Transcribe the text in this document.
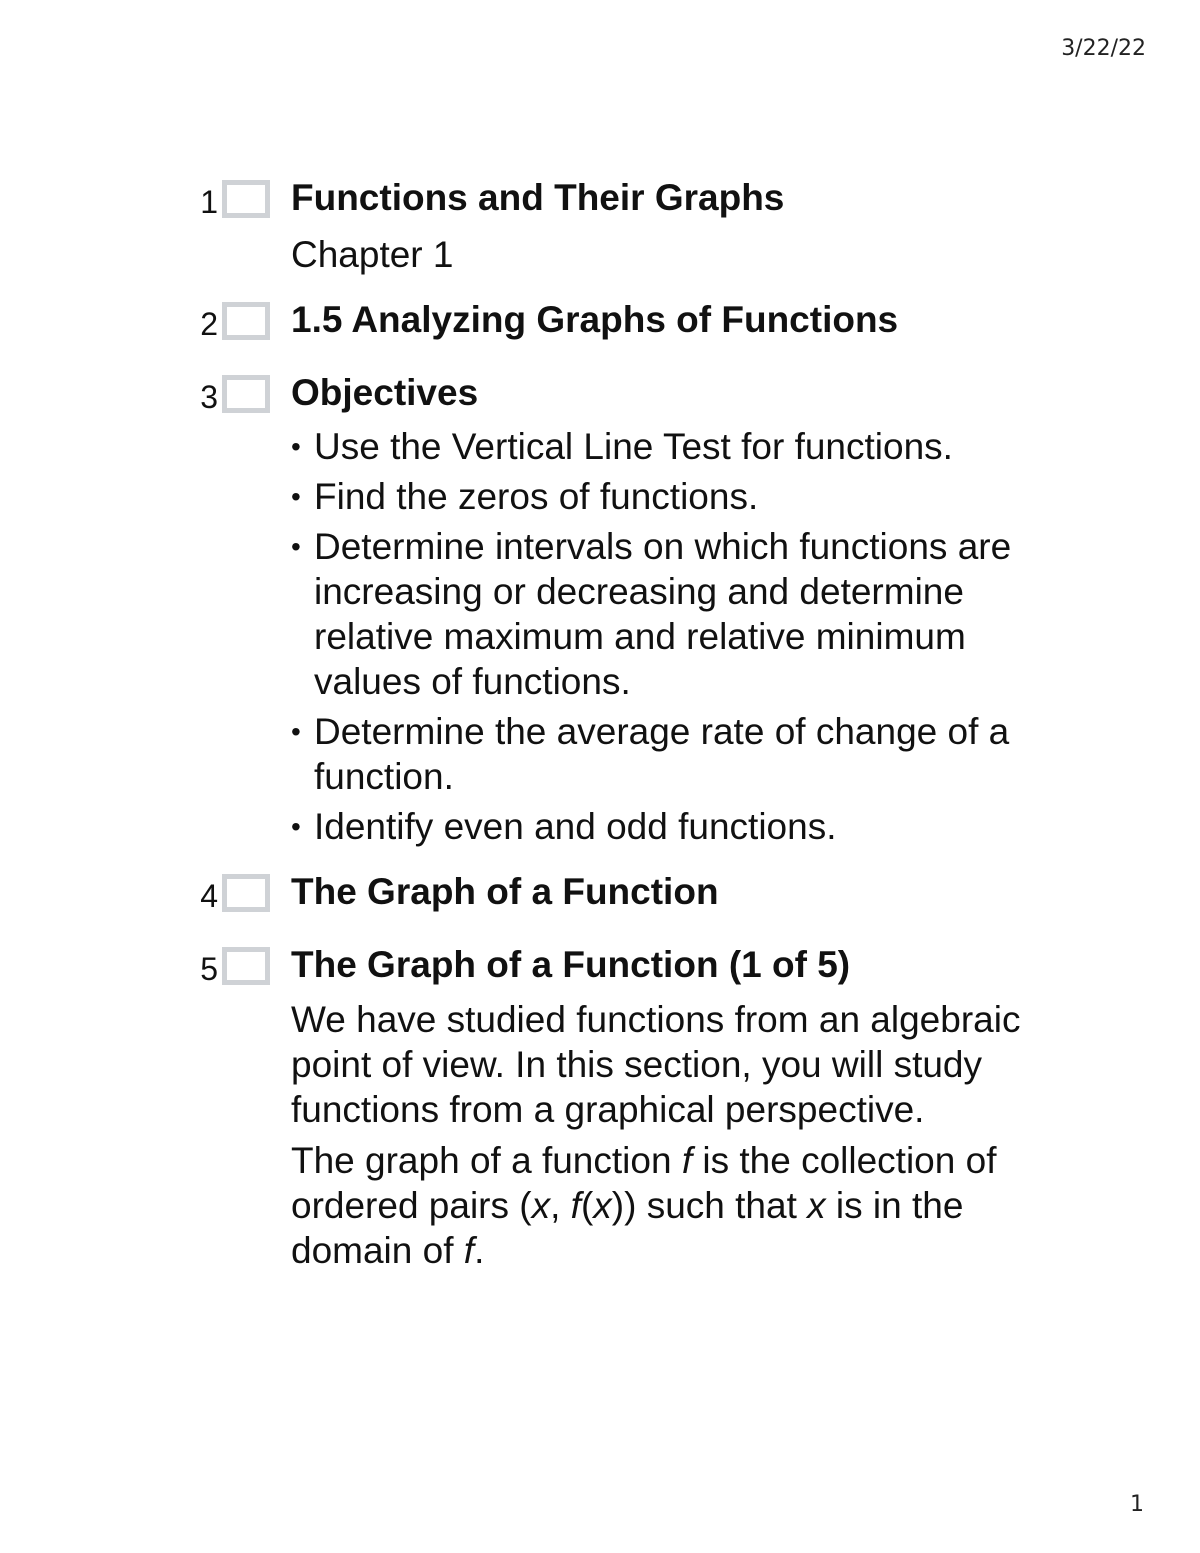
3/22/22
1 Functions and Their Graphs

Chapter 1

2 1.5 Analyzing Graphs of Functions

3 Objectives

• Use the Vertical Line Test for functions.
• Find the zeros of functions.
• Determine intervals on which functions are increasing or decreasing and determine relative maximum and relative minimum values of functions.
• Determine the average rate of change of a function.
• Identify even and odd functions.
4 The Graph of a Function

5 The Graph of a Function (1 of 5)

We have studied functions from an algebraic point of view. In this section, you will study functions from a graphical perspective.

The graph of a function f is the collection of ordered pairs (x, f(x)) such that x is in the domain of f.

1
